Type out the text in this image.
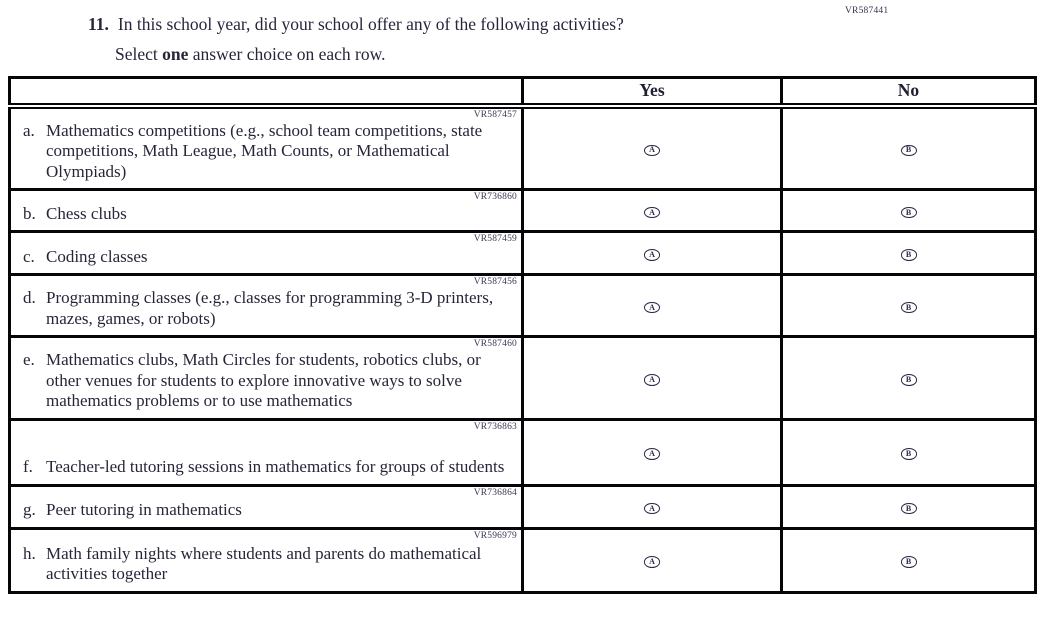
VR587441
11. In this school year, did your school offer any of the following activities?
Select one answer choice on each row.
	Yes	No

VR587457
a. Mathematics competitions (e.g., school team competitions, state competitions, Math League, Math Counts, or Mathematical Olympiads)	A	B

VR736860
b. Chess clubs	A	B

VR587459
c. Coding classes	A	B

VR587456
d. Programming classes (e.g., classes for programming 3-D printers, mazes, games, or robots)	A	B

VR587460
e. Mathematics clubs, Math Circles for students, robotics clubs, or other venues for students to explore innovative ways to solve mathematics problems or to use mathematics	A	B

VR736863
f. Teacher-led tutoring sessions in mathematics for groups of students	A	B

VR736864
g. Peer tutoring in mathematics	A	B

VR596979
h. Math family nights where students and parents do mathematical activities together	A	B
